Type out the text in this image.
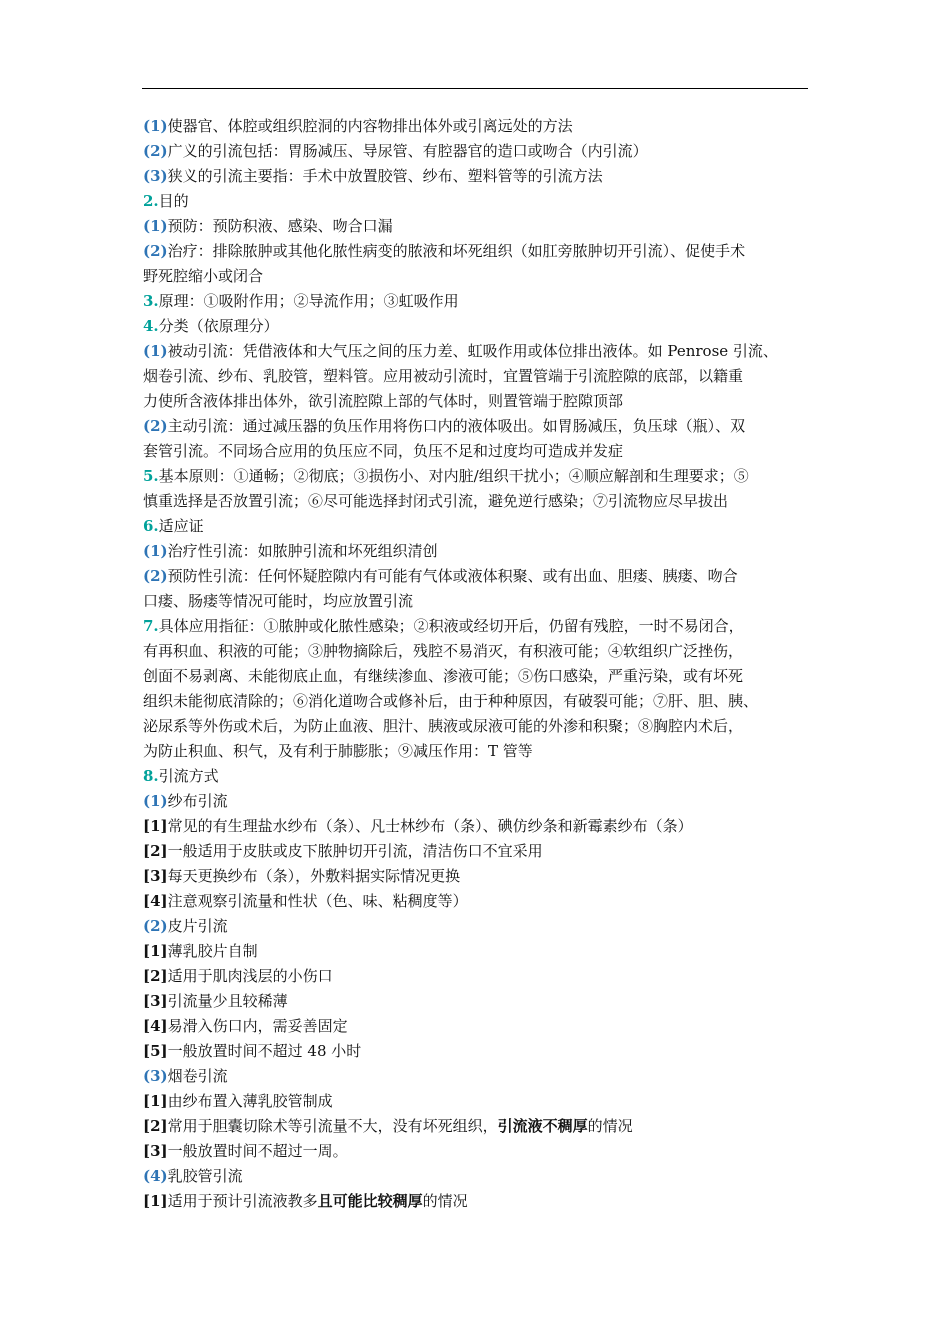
(1)使器官、体腔或组织腔洞的内容物排出体外或引离远处的方法
(2)广义的引流包括：胃肠减压、导尿管、有腔器官的造口或吻合（内引流）
(3)狭义的引流主要指：手术中放置胶管、纱布、塑料管等的引流方法
2.目的
(1)预防：预防积液、感染、吻合口漏
(2)治疗：排除脓肿或其他化脓性病变的脓液和坏死组织（如肛旁脓肿切开引流）、促使手术
野死腔缩小或闭合
3.原理：①吸附作用；②导流作用；③虹吸作用
4.分类（依原理分）
(1)被动引流：凭借液体和大气压之间的压力差、虹吸作用或体位排出液体。如 Penrose 引流、
烟卷引流、纱布、乳胶管，塑料管。应用被动引流时，宜置管端于引流腔隙的底部，以籍重
力使所含液体排出体外，欲引流腔隙上部的气体时，则置管端于腔隙顶部
(2)主动引流：通过减压器的负压作用将伤口内的液体吸出。如胃肠减压，负压球（瓶）、双
套管引流。不同场合应用的负压应不同，负压不足和过度均可造成并发症
5.基本原则：①通畅；②彻底；③损伤小、对内脏/组织干扰小；④顺应解剖和生理要求；⑤
慎重选择是否放置引流；⑥尽可能选择封闭式引流，避免逆行感染；⑦引流物应尽早拔出
6.适应证
(1)治疗性引流：如脓肿引流和坏死组织清创
(2)预防性引流：任何怀疑腔隙内有可能有气体或液体积聚、或有出血、胆瘘、胰瘘、吻合
口瘘、肠瘘等情况可能时，均应放置引流
7.具体应用指征：①脓肿或化脓性感染；②积液或经切开后，仍留有残腔，一时不易闭合，
有再积血、积液的可能；③肿物摘除后，残腔不易消灭，有积液可能；④软组织广泛挫伤，
创面不易剥离、未能彻底止血，有继续渗血、渗液可能；⑤伤口感染，严重污染，或有坏死
组织未能彻底清除的；⑥消化道吻合或修补后，由于种种原因，有破裂可能；⑦肝、胆、胰、
泌尿系等外伤或术后，为防止血液、胆汁、胰液或尿液可能的外渗和积聚；⑧胸腔内术后，
为防止积血、积气，及有利于肺膨胀；⑨减压作用：T 管等
8.引流方式
(1)纱布引流
[1]常见的有生理盐水纱布（条）、凡士林纱布（条）、碘仿纱条和新霉素纱布（条）
[2]一般适用于皮肤或皮下脓肿切开引流，清洁伤口不宜采用
[3]每天更换纱布（条），外敷料据实际情况更换
[4]注意观察引流量和性状（色、味、粘稠度等）
(2)皮片引流
[1]薄乳胶片自制
[2]适用于肌肉浅层的小伤口
[3]引流量少且较稀薄
[4]易滑入伤口内，需妥善固定
[5]一般放置时间不超过 48 小时
(3)烟卷引流
[1]由纱布置入薄乳胶管制成
[2]常用于胆囊切除术等引流量不大，没有坏死组织，引流液不稠厚的情况
[3]一般放置时间不超过一周。
(4)乳胶管引流
[1]适用于预计引流液教多且可能比较稠厚的情况
